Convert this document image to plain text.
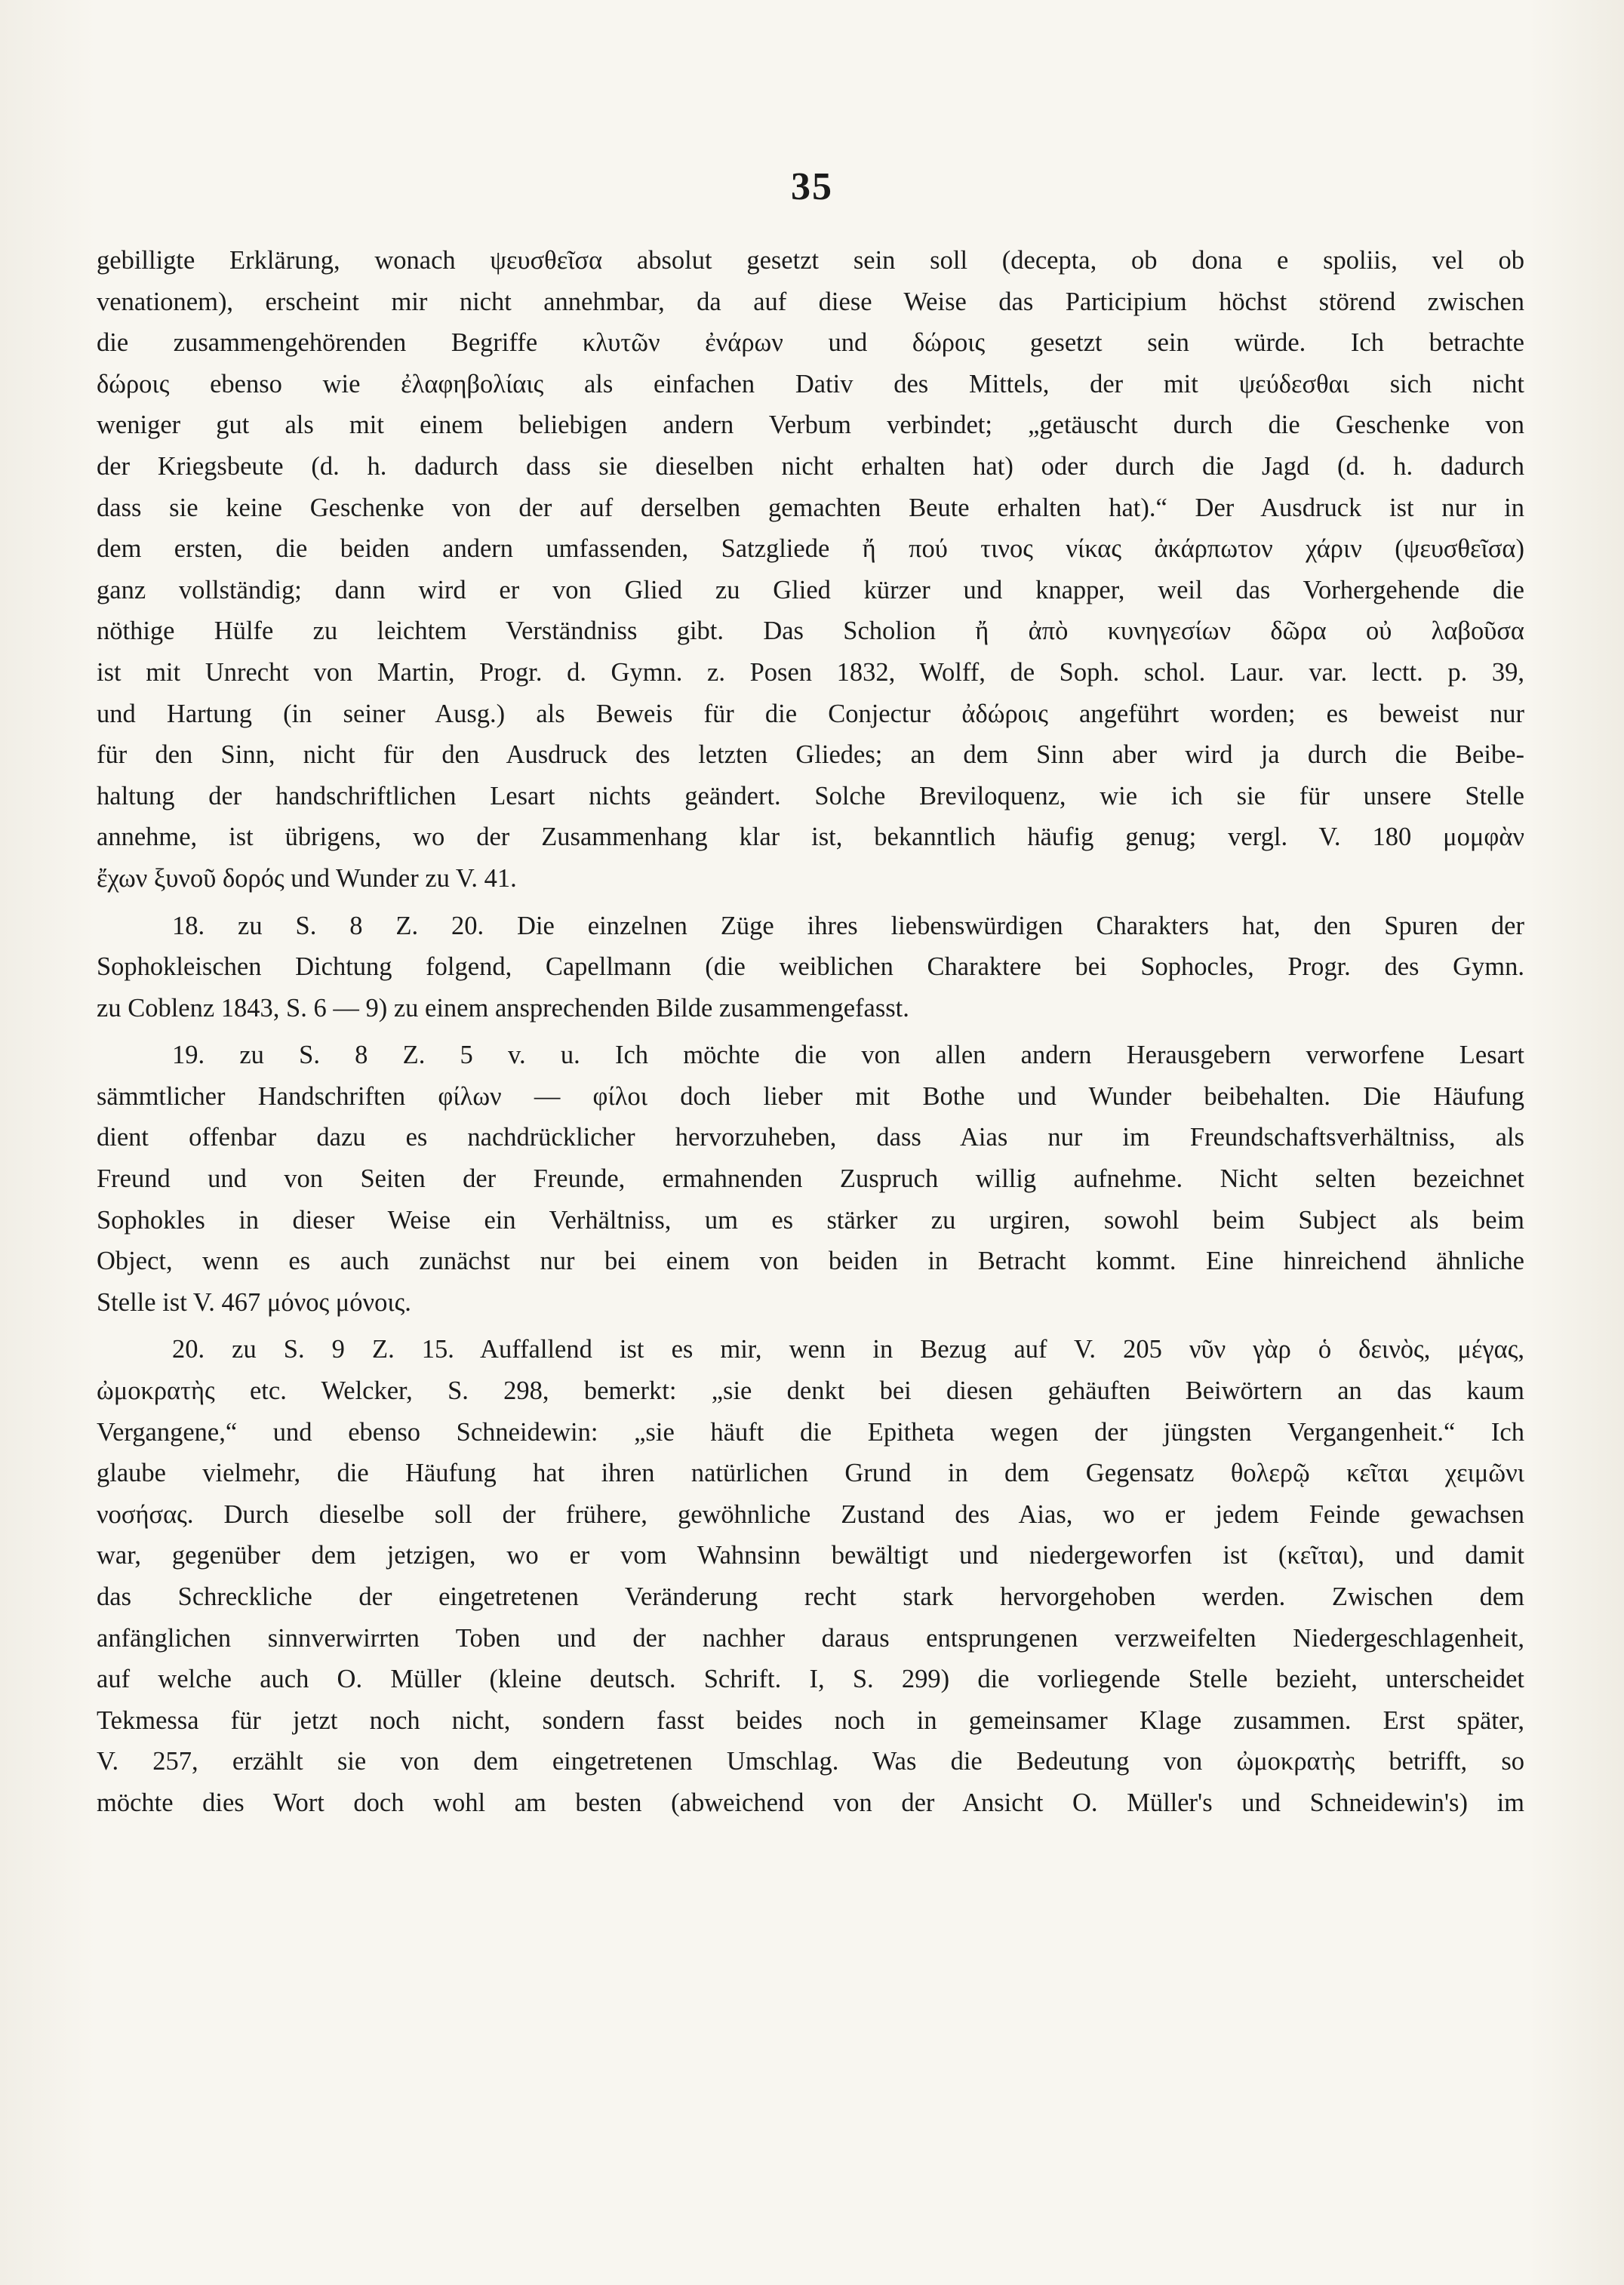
35
gebilligte Erklärung, wonach ψευσθεῖσα absolut gesetzt sein soll (decepta, ob dona e spoliis, vel ob
venationem), erscheint mir nicht annehmbar, da auf diese Weise das Participium höchst störend zwischen
die zusammengehörenden Begriffe κλυτῶν ἐνάρων und δώροις gesetzt sein würde. Ich betrachte
δώροις ebenso wie ἐλαφηβολίαις als einfachen Dativ des Mittels, der mit ψεύδεσθαι sich nicht
weniger gut als mit einem beliebigen andern Verbum verbindet; „getäuscht durch die Geschenke von
der Kriegsbeute (d. h. dadurch dass sie dieselben nicht erhalten hat) oder durch die Jagd (d. h. dadurch
dass sie keine Geschenke von der auf derselben gemachten Beute erhalten hat).“ Der Ausdruck ist nur in
dem ersten, die beiden andern umfassenden, Satzgliede ἤ πού τινος νίκας ἀκάρπωτον χάριν (ψευσθεῖσα)
ganz vollständig; dann wird er von Glied zu Glied kürzer und knapper, weil das Vorhergehende die
nöthige Hülfe zu leichtem Verständniss gibt. Das Scholion ἤ ἀπὸ κυνηγεσίων δῶρα οὐ λαβοῦσα
ist mit Unrecht von Martin, Progr. d. Gymn. z. Posen 1832, Wolff, de Soph. schol. Laur. var. lectt. p. 39,
und Hartung (in seiner Ausg.) als Beweis für die Conjectur ἀδώροις angeführt worden; es beweist nur
für den Sinn, nicht für den Ausdruck des letzten Gliedes; an dem Sinn aber wird ja durch die Beibe-
haltung der handschriftlichen Lesart nichts geändert. Solche Breviloquenz, wie ich sie für unsere Stelle
annehme, ist übrigens, wo der Zusammenhang klar ist, bekanntlich häufig genug; vergl. V. 180 μομφὰν
ἔχων ξυνοῦ δορός und Wunder zu V. 41.
18. zu S. 8 Z. 20. Die einzelnen Züge ihres liebenswürdigen Charakters hat, den Spuren der
Sophokleischen Dichtung folgend, Capellmann (die weiblichen Charaktere bei Sophocles, Progr. des Gymn.
zu Coblenz 1843, S. 6 — 9) zu einem ansprechenden Bilde zusammengefasst.
19. zu S. 8 Z. 5 v. u. Ich möchte die von allen andern Herausgebern verworfene Lesart
sämmtlicher Handschriften φίλων — φίλοι doch lieber mit Bothe und Wunder beibehalten. Die Häufung
dient offenbar dazu es nachdrücklicher hervorzuheben, dass Aias nur im Freundschaftsverhältniss, als
Freund und von Seiten der Freunde, ermahnenden Zuspruch willig aufnehme. Nicht selten bezeichnet
Sophokles in dieser Weise ein Verhältniss, um es stärker zu urgiren, sowohl beim Subject als beim
Object, wenn es auch zunächst nur bei einem von beiden in Betracht kommt. Eine hinreichend ähnliche
Stelle ist V. 467 μόνος μόνοις.
20. zu S. 9 Z. 15. Auffallend ist es mir, wenn in Bezug auf V. 205 νῦν γὰρ ὁ δεινὸς, μέγας,
ὠμοκρατὴς etc. Welcker, S. 298, bemerkt: „sie denkt bei diesen gehäuften Beiwörtern an das kaum
Vergangene,“ und ebenso Schneidewin: „sie häuft die Epitheta wegen der jüngsten Vergangenheit.“ Ich
glaube vielmehr, die Häufung hat ihren natürlichen Grund in dem Gegensatz θολερῷ κεῖται χειμῶνι
νοσήσας. Durch dieselbe soll der frühere, gewöhnliche Zustand des Aias, wo er jedem Feinde gewachsen
war, gegenüber dem jetzigen, wo er vom Wahnsinn bewältigt und niedergeworfen ist (κεῖται), und damit
das Schreckliche der eingetretenen Veränderung recht stark hervorgehoben werden. Zwischen dem
anfänglichen sinnverwirrten Toben und der nachher daraus entsprungenen verzweifelten Niedergeschlagenheit,
auf welche auch O. Müller (kleine deutsch. Schrift. I, S. 299) die vorliegende Stelle bezieht, unterscheidet
Tekmessa für jetzt noch nicht, sondern fasst beides noch in gemeinsamer Klage zusammen. Erst später,
V. 257, erzählt sie von dem eingetretenen Umschlag. Was die Bedeutung von ὠμοκρατὴς betrifft, so
möchte dies Wort doch wohl am besten (abweichend von der Ansicht O. Müller's und Schneidewin's) im
